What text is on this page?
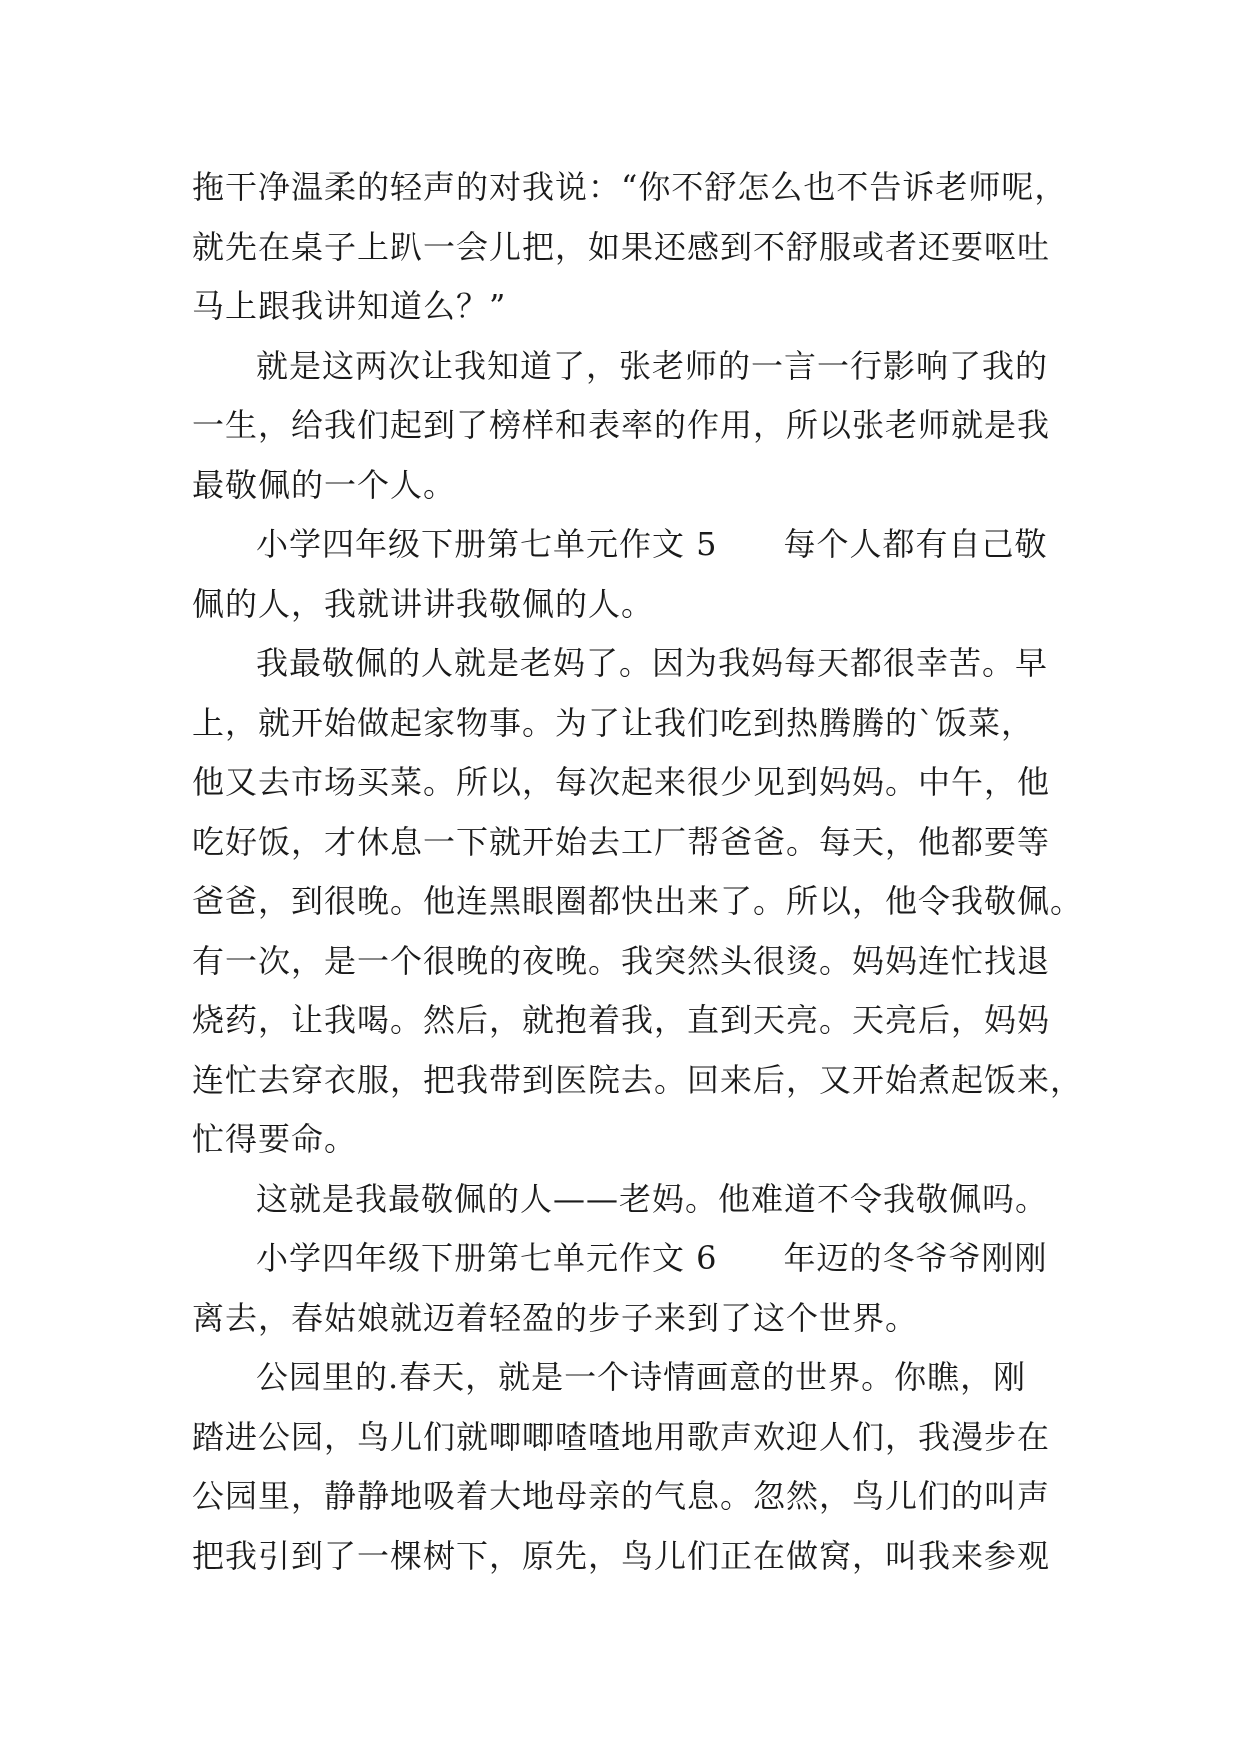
拖干净温柔的轻声的对我说：“你不舒怎么也不告诉老师呢，
就先在桌子上趴一会儿把，如果还感到不舒服或者还要呕吐
马上跟我讲知道么？”
就是这两次让我知道了，张老师的一言一行影响了我的
一生，给我们起到了榜样和表率的作用，所以张老师就是我
最敬佩的一个人。
小学四年级下册第七单元作文 5　　每个人都有自己敬
佩的人，我就讲讲我敬佩的人。
我最敬佩的人就是老妈了。因为我妈每天都很幸苦。早
上，就开始做起家物事。为了让我们吃到热腾腾的`饭菜，
他又去市场买菜。所以，每次起来很少见到妈妈。中午，他
吃好饭，才休息一下就开始去工厂帮爸爸。每天，他都要等
爸爸，到很晚。他连黑眼圈都快出来了。所以，他令我敬佩。
有一次，是一个很晚的夜晚。我突然头很烫。妈妈连忙找退
烧药，让我喝。然后，就抱着我，直到天亮。天亮后，妈妈
连忙去穿衣服，把我带到医院去。回来后，又开始煮起饭来，
忙得要命。
这就是我最敬佩的人——老妈。他难道不令我敬佩吗。
小学四年级下册第七单元作文 6　　年迈的冬爷爷刚刚
离去，春姑娘就迈着轻盈的步子来到了这个世界。
公园里的.春天，就是一个诗情画意的世界。你瞧，刚
踏进公园，鸟儿们就唧唧喳喳地用歌声欢迎人们，我漫步在
公园里，静静地吸着大地母亲的气息。忽然，鸟儿们的叫声
把我引到了一棵树下，原先，鸟儿们正在做窝，叫我来参观
